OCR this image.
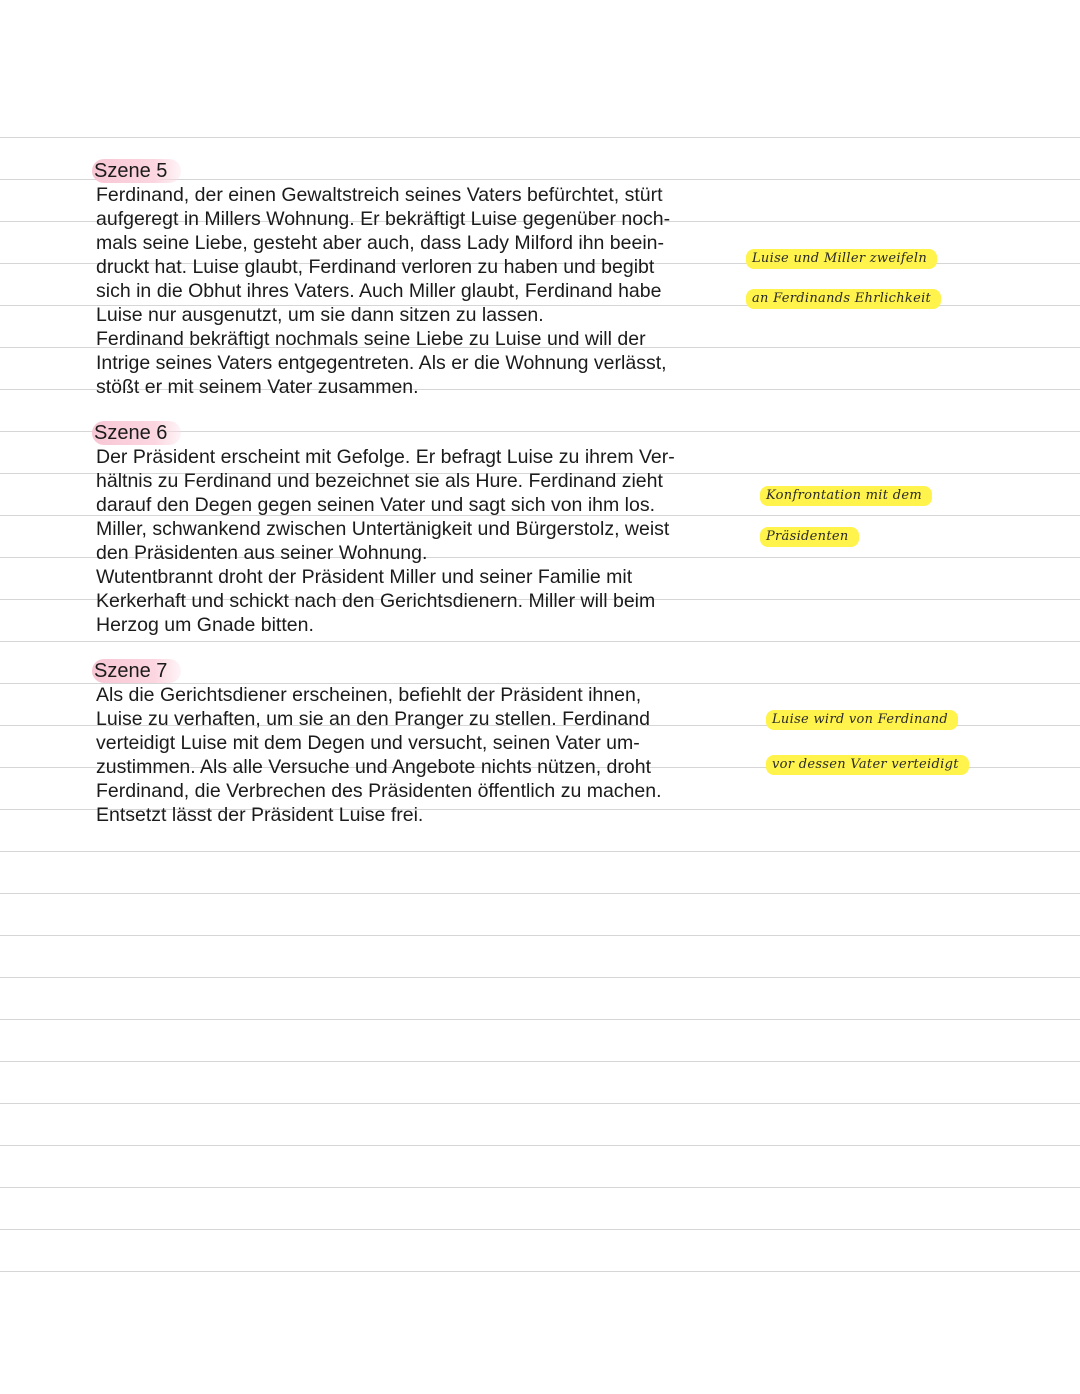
Szene 5

Ferdinand, der einen Gewaltstreich seines Vaters befürchtet, stürt
aufgeregt in Millers Wohnung. Er bekräftigt Luise gegenüber noch-
mals seine Liebe, gesteht aber auch, dass Lady Milford ihn beein-
druckt hat. Luise glaubt, Ferdinand verloren zu haben und begibt
sich in die Obhut ihres Vaters. Auch Miller glaubt, Ferdinand habe
Luise nur ausgenutzt, um sie dann sitzen zu lassen.

Ferdinand bekräftigt nochmals seine Liebe zu Luise und will der
Intrige seines Vaters entgegentreten. Als er die Wohnung verlässt,
stößt er mit seinem Vater zusammen.

Szene 6

Der Präsident erscheint mit Gefolge. Er befragt Luise zu ihrem Ver-
hältnis zu Ferdinand und bezeichnet sie als Hure. Ferdinand zieht
darauf den Degen gegen seinen Vater und sagt sich von ihm los.
Miller, schwankend zwischen Untertänigkeit und Bürgerstolz, weist
den Präsidenten aus seiner Wohnung.

Wutentbrannt droht der Präsident Miller und seiner Familie mit
Kerkerhaft und schickt nach den Gerichtsdienern. Miller will beim
Herzog um Gnade bitten.

Szene 7

Als die Gerichtsdiener erscheinen, befiehlt der Präsident ihnen,
Luise zu verhaften, um sie an den Pranger zu stellen. Ferdinand
verteidigt Luise mit dem Degen und versucht, seinen Vater um-
zustimmen. Als alle Versuche und Angebote nichts nützen, droht
Ferdinand, die Verbrechen des Präsidenten öffentlich zu machen.
Entsetzt lässt der Präsident Luise frei.

Luise und Miller zweifeln
an Ferdinands Ehrlichkeit
Konfrontation mit dem
Präsidenten
Luise wird von Ferdinand
vor dessen Vater verteidigt
